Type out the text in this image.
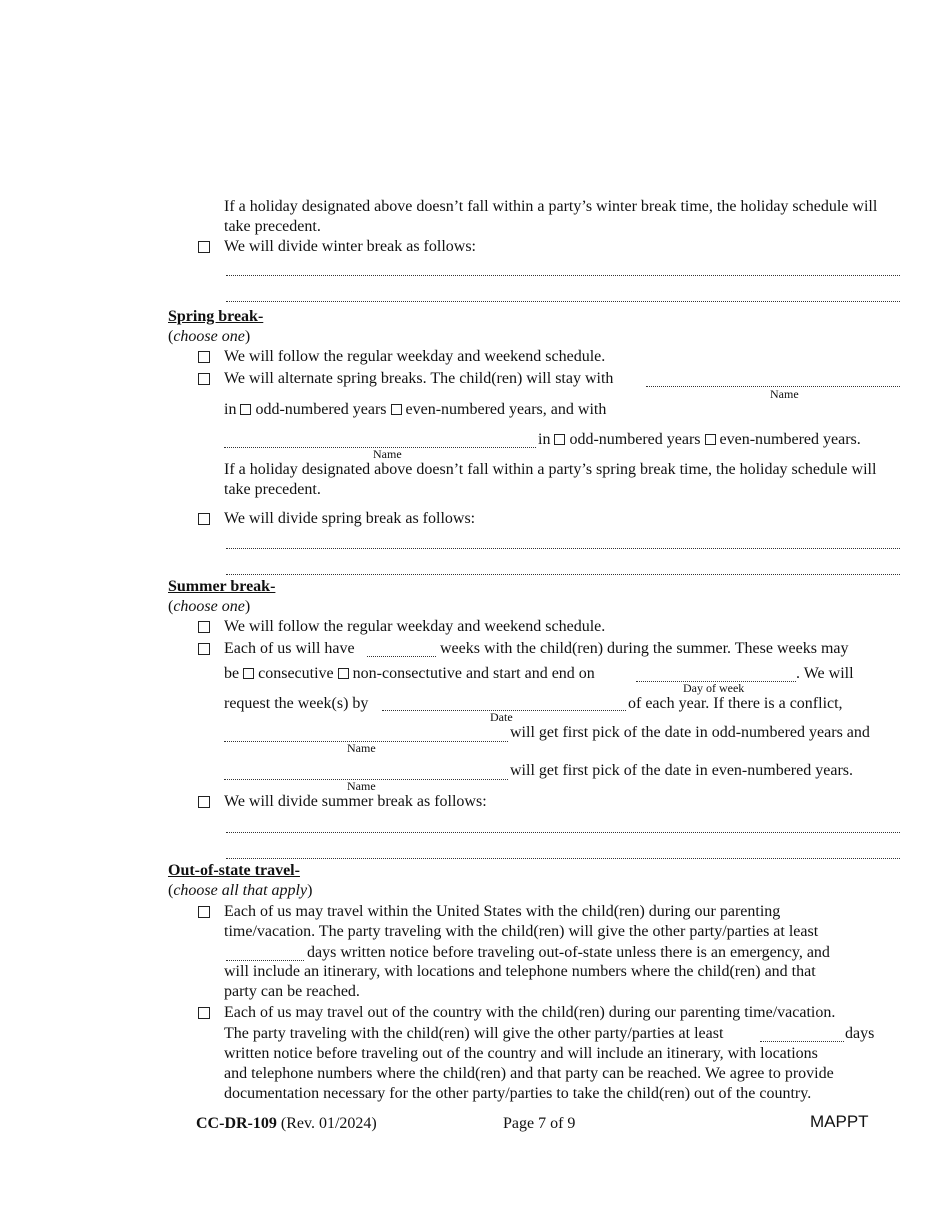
If a holiday designated above doesn’t fall within a party’s winter break time, the holiday schedule will take precedent.
We will divide winter break as follows:
Spring break-
(choose one)
We will follow the regular weekday and weekend schedule.
We will alternate spring breaks. The child(ren) will stay with
Name
in odd-numbered years even-numbered years, and with
in odd-numbered years even-numbered years.
Name
If a holiday designated above doesn’t fall within a party’s spring break time, the holiday schedule will take precedent.
We will divide spring break as follows:
Summer break-
(choose one)
We will follow the regular weekday and weekend schedule.
Each of us will have	weeks with the child(ren) during the summer. These weeks may
be consecutive non-consectutive and start and end on	. We will
Day of week
request the week(s) by	of each year. If there is a conflict,
Date
will get first pick of the date in odd-numbered years and
Name
will get first pick of the date in even-numbered years.
Name
We will divide summer break as follows:
Out-of-state travel-
(choose all that apply)
Each of us may travel within the United States with the child(ren) during our parenting
time/vacation. The party traveling with the child(ren) will give the other party/parties at least
days written notice before traveling out-of-state unless there is an emergency, and
will include an itinerary, with locations and telephone numbers where the child(ren) and that
party can be reached.
Each of us may travel out of the country with the child(ren) during our parenting time/vacation.
The party traveling with the child(ren) will give the other party/parties at least	days
written notice before traveling out of the country and will include an itinerary, with locations
and telephone numbers where the child(ren) and that party can be reached. We agree to provide
documentation necessary for the other party/parties to take the child(ren) out of the country.
CC-DR-109 (Rev. 01/2024)	Page 7 of 9	MAPPT
